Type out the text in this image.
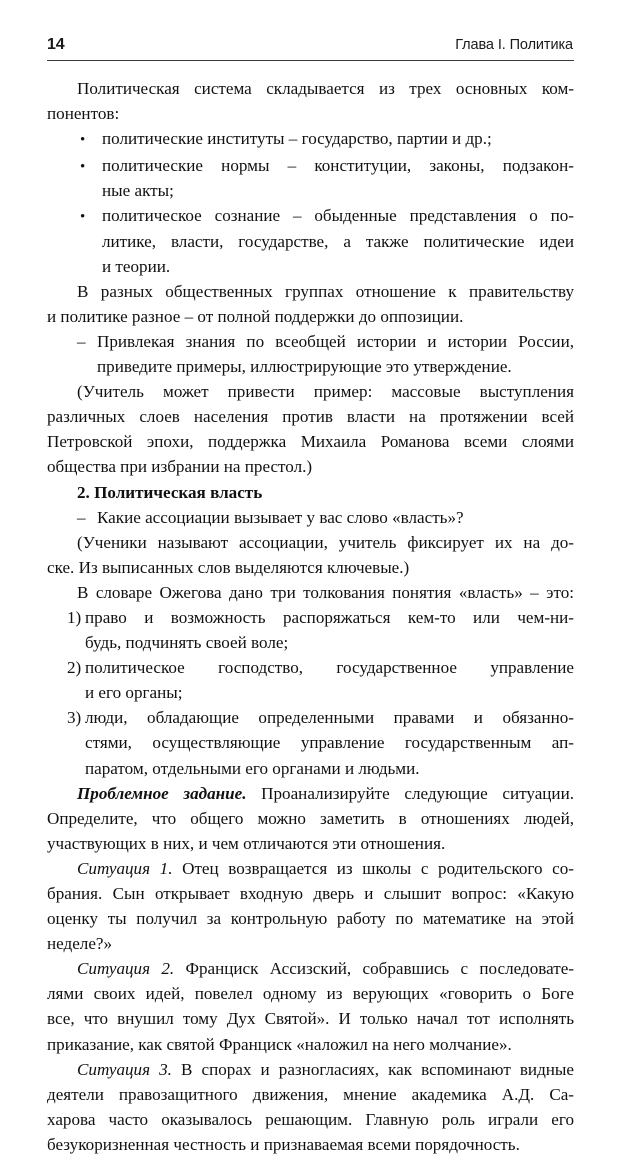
14	Глава I. Политика

Политическая система складывается из трех основных ком-
понентов:

• политические институты – государство, партии и др.;
• политические нормы – конституции, законы, подзакон-
ные акты;
• политическое сознание – обыденные представления о по-
литике, власти, государстве, а также политические идеи
и теории.

В разных общественных группах отношение к правительству
и политике разное – от полной поддержки до оппозиции.

– Привлекая знания по всеобщей истории и истории России,
приведите примеры, иллюстрирующие это утверждение.

(Учитель может привести пример: массовые выступления
различных слоев населения против власти на протяжении всей
Петровской эпохи, поддержка Михаила Романова всеми слоями
общества при избрании на престол.)

2. Политическая власть

– Какие ассоциации вызывает у вас слово «власть»?

(Ученики называют ассоциации, учитель фиксирует их на до-
ске. Из выписанных слов выделяются ключевые.)

В словаре Ожегова дано три толкования понятия «власть» – это:

1) право и возможность распоряжаться кем-то или чем-ни-
будь, подчинять своей воле;
2) политическое господство, государственное управление
и его органы;
3) люди, обладающие определенными правами и обязанно-
стями, осуществляющие управление государственным ап-
паратом, отдельными его органами и людьми.

Проблемное задание. Проанализируйте следующие ситуации.
Определите, что общего можно заметить в отношениях людей,
участвующих в них, и чем отличаются эти отношения.

Ситуация 1. Отец возвращается из школы с родительского со-
брания. Сын открывает входную дверь и слышит вопрос: «Какую
оценку ты получил за контрольную работу по математике на этой
неделе?»

Ситуация 2. Франциск Ассизский, собравшись с последовате-
лями своих идей, повелел одному из верующих «говорить о Боге
все, что внушил тому Дух Святой». И только начал тот исполнять
приказание, как святой Франциск «наложил на него молчание».

Ситуация 3. В спорах и разногласиях, как вспоминают видные
деятели правозащитного движения, мнение академика А.Д. Са-
харова часто оказывалось решающим. Главную роль играли его
безукоризненная честность и признаваемая всеми порядочность.
